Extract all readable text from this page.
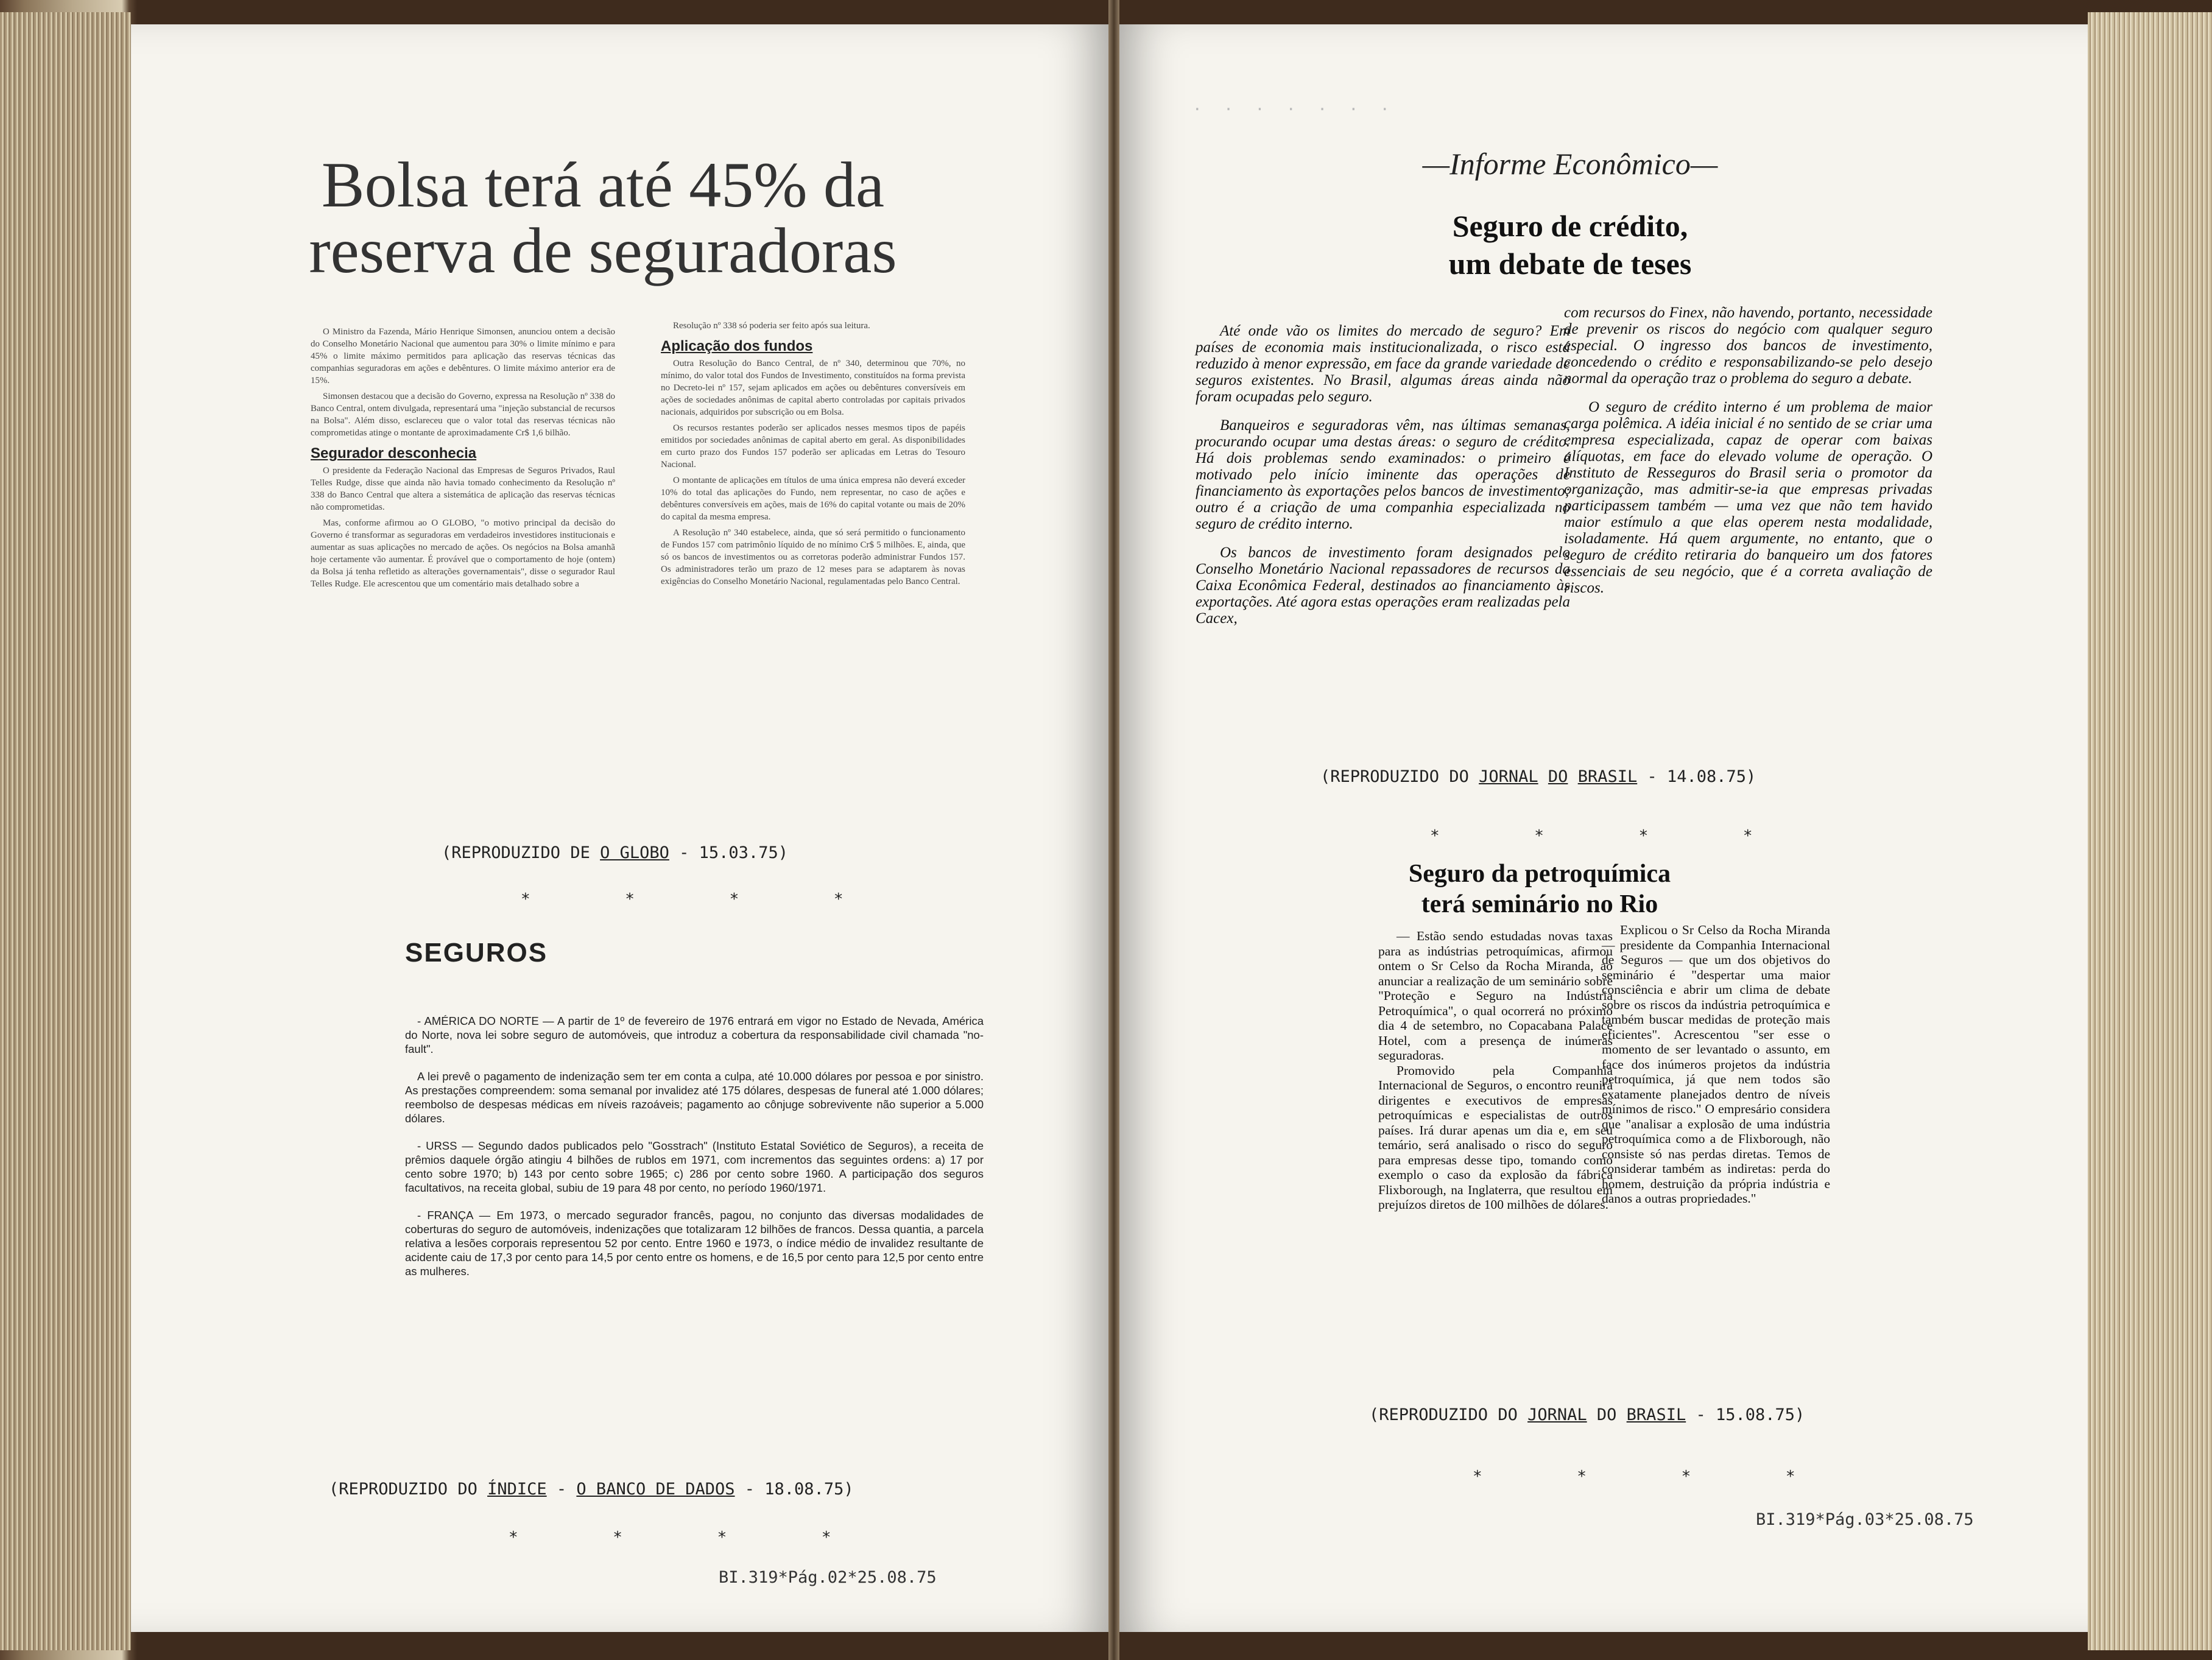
Bolsa terá até 45% da
reserva de seguradoras

O Ministro da Fazenda, Mário Henrique Simonsen, anunciou ontem a decisão do Conselho Monetário Nacional que aumentou para 30% o limite mínimo e para 45% o limite máximo permitidos para aplicação das reservas técnicas das companhias seguradoras em ações e debêntures. O limite máximo anterior era de 15%.

Simonsen destacou que a decisão do Governo, expressa na Resolução nº 338 do Banco Central, ontem divulgada, representará uma "injeção substancial de recursos na Bolsa". Além disso, esclareceu que o valor total das reservas técnicas não comprometidas atinge o montante de aproximadamente Cr$ 1,6 bilhão.

Segurador desconhecia

O presidente da Federação Nacional das Empresas de Seguros Privados, Raul Telles Rudge, disse que ainda não havia tomado conhecimento da Resolução nº 338 do Banco Central que altera a sistemática de aplicação das reservas técnicas não comprometidas.

Mas, conforme afirmou ao O GLOBO, "o motivo principal da decisão do Governo é transformar as seguradoras em verdadeiros investidores institucionais e aumentar as suas aplicações no mercado de ações. Os negócios na Bolsa amanhã hoje certamente vão aumentar. É provável que o comportamento de hoje (ontem) da Bolsa já tenha refletido as alterações governamentais", disse o segurador Raul Telles Rudge. Ele acrescentou que um comentário mais detalhado sobre a

Resolução nº 338 só poderia ser feito após sua leitura.

Aplicação dos fundos

Outra Resolução do Banco Central, de nº 340, determinou que 70%, no mínimo, do valor total dos Fundos de Investimento, constituídos na forma prevista no Decreto-lei nº 157, sejam aplicados em ações ou debêntures conversíveis em ações de sociedades anônimas de capital aberto controladas por capitais privados nacionais, adquiridos por subscrição ou em Bolsa.

Os recursos restantes poderão ser aplicados nesses mesmos tipos de papéis emitidos por sociedades anônimas de capital aberto em geral. As disponibilidades em curto prazo dos Fundos 157 poderão ser aplicadas em Letras do Tesouro Nacional.

O montante de aplicações em títulos de uma única empresa não deverá exceder 10% do total das aplicações do Fundo, nem representar, no caso de ações e debêntures conversíveis em ações, mais de 16% do capital votante ou mais de 20% do capital da mesma empresa.

A Resolução nº 340 estabelece, ainda, que só será permitido o funcionamento de Fundos 157 com patrimônio líquido de no mínimo Cr$ 5 milhões. E, ainda, que só os bancos de investimentos ou as corretoras poderão administrar Fundos 157. Os administradores terão um prazo de 12 meses para se adaptarem às novas exigências do Conselho Monetário Nacional, regulamentadas pelo Banco Central.

(REPRODUZIDO DE O GLOBO - 15.03.75)
* * * *
SEGUROS

- AMÉRICA DO NORTE — A partir de 1º de fevereiro de 1976 entrará em vigor no Estado de Nevada, América do Norte, nova lei sobre seguro de automóveis, que introduz a cobertura da responsabilidade civil chamada "no-fault".

A lei prevê o pagamento de indenização sem ter em conta a culpa, até 10.000 dólares por pessoa e por sinistro. As prestações compreendem: soma semanal por invalidez até 175 dólares, despesas de funeral até 1.000 dólares; reembolso de despesas médicas em níveis razoáveis; pagamento ao cônjuge sobrevivente não superior a 5.000 dólares.

- URSS — Segundo dados publicados pelo "Gosstrach" (Instituto Estatal Soviético de Seguros), a receita de prêmios daquele órgão atingiu 4 bilhões de rublos em 1971, com incrementos das seguintes ordens: a) 17 por cento sobre 1970; b) 143 por cento sobre 1965; c) 286 por cento sobre 1960. A participação dos seguros facultativos, na receita global, subiu de 19 para 48 por cento, no período 1960/1971.

- FRANÇA — Em 1973, o mercado segurador francês, pagou, no conjunto das diversas modalidades de coberturas do seguro de automóveis, indenizações que totalizaram 12 bilhões de francos. Dessa quantia, a parcela relativa a lesões corporais representou 52 por cento. Entre 1960 e 1973, o índice médio de invalidez resultante de acidente caiu de 17,3 por cento para 14,5 por cento entre os homens, e de 16,5 por cento para 12,5 por cento entre as mulheres.

(REPRODUZIDO DO ÍNDICE - O BANCO DE DADOS - 18.08.75)
* * * *
BI.319*Pág.02*25.08.75
· · · · · · ·
—Informe Econômico—
Seguro de crédito,
um debate de teses

Até onde vão os limites do mercado de seguro? Em países de economia mais institucionalizada, o risco está reduzido à menor expressão, em face da grande variedade de seguros existentes. No Brasil, algumas áreas ainda não foram ocupadas pelo seguro.

Banqueiros e seguradoras vêm, nas últimas semanas, procurando ocupar uma destas áreas: o seguro de crédito. Há dois problemas sendo examinados: o primeiro é motivado pelo início iminente das operações de financiamento às exportações pelos bancos de investimento; outro é a criação de uma companhia especializada no seguro de crédito interno.

Os bancos de investimento foram designados pelo Conselho Monetário Nacional repassadores de recursos da Caixa Econômica Federal, destinados ao financiamento às exportações. Até agora estas operações eram realizadas pela Cacex,

com recursos do Finex, não havendo, portanto, necessidade de prevenir os riscos do negócio com qualquer seguro especial. O ingresso dos bancos de investimento, concedendo o crédito e responsabilizando-se pelo desejo normal da operação traz o problema do seguro a debate.

O seguro de crédito interno é um problema de maior carga polêmica. A idéia inicial é no sentido de se criar uma empresa especializada, capaz de operar com baixas alíquotas, em face do elevado volume de operação. O Instituto de Resseguros do Brasil seria o promotor da organização, mas admitir-se-ia que empresas privadas participassem também — uma vez que não tem havido maior estímulo a que elas operem nesta modalidade, isoladamente. Há quem argumente, no entanto, que o seguro de crédito retiraria do banqueiro um dos fatores essenciais de seu negócio, que é a correta avaliação de riscos.

(REPRODUZIDO DO JORNAL DO BRASIL - 14.08.75)
* * * *
Seguro da petroquímica
terá seminário no Rio

— Estão sendo estudadas novas taxas para as indústrias petroquímicas, afirmou ontem o Sr Celso da Rocha Miranda, ao anunciar a realização de um seminário sobre "Proteção e Seguro na Indústria Petroquímica", o qual ocorrerá no próximo dia 4 de setembro, no Copacabana Palace Hotel, com a presença de inúmeras seguradoras.

Promovido pela Companhia Internacional de Seguros, o encontro reunirá dirigentes e executivos de empresas petroquímicas e especialistas de outros países. Irá durar apenas um dia e, em seu temário, será analisado o risco do seguro para empresas desse tipo, tomando como exemplo o caso da explosão da fábrica Flixborough, na Inglaterra, que resultou em prejuízos diretos de 100 milhões de dólares.

Explicou o Sr Celso da Rocha Miranda — presidente da Companhia Internacional de Seguros — que um dos objetivos do seminário é "despertar uma maior consciência e abrir um clima de debate sobre os riscos da indústria petroquímica e também buscar medidas de proteção mais eficientes". Acrescentou "ser esse o momento de ser levantado o assunto, em face dos inúmeros projetos da indústria petroquímica, já que nem todos são exatamente planejados dentro de níveis mínimos de risco." O empresário considera que "analisar a explosão de uma indústria petroquímica como a de Flixborough, não consiste só nas perdas diretas. Temos de considerar também as indiretas: perda do homem, destruição da própria indústria e danos a outras propriedades."

(REPRODUZIDO DO JORNAL DO BRASIL - 15.08.75)
* * * *
BI.319*Pág.03*25.08.75
